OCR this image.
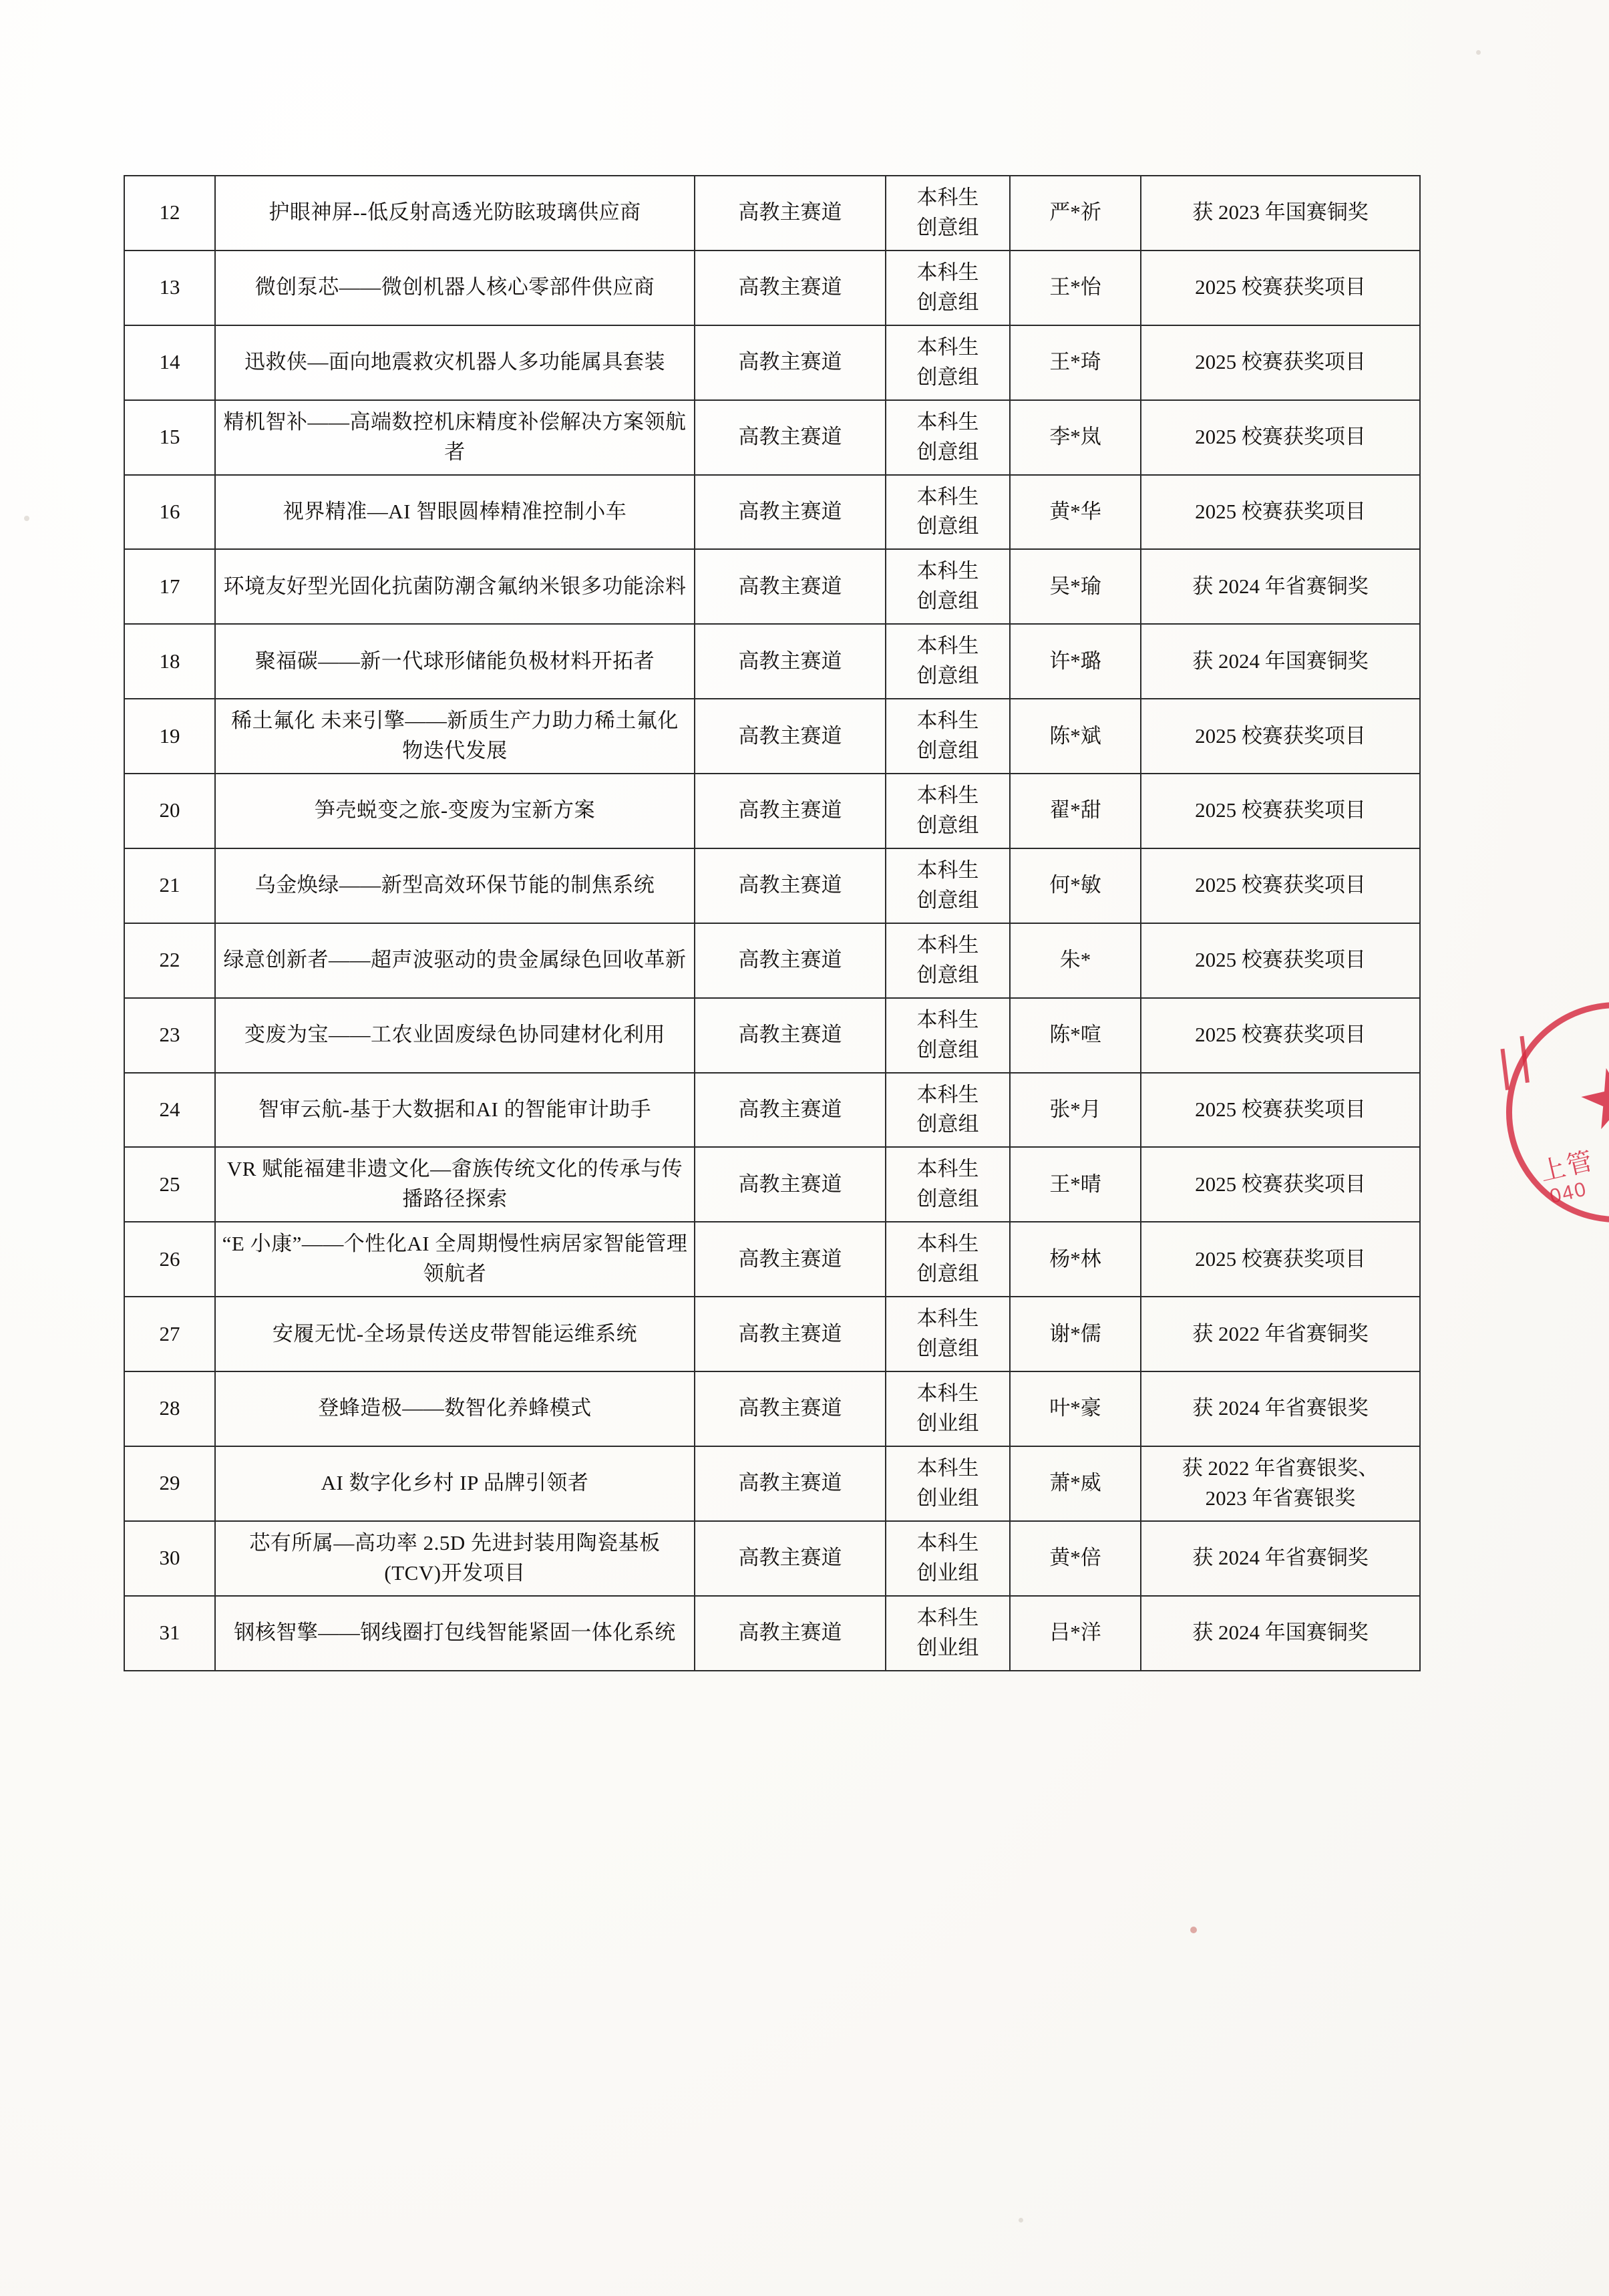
12	护眼神屏--低反射高透光防眩玻璃供应商	高教主赛道	本科生
创意组	严*祈	获 2023 年国赛铜奖

13	微创泵芯——微创机器人核心零部件供应商	高教主赛道	本科生
创意组	王*怡	2025 校赛获奖项目

14	迅救侠—面向地震救灾机器人多功能属具套装	高教主赛道	本科生
创意组	王*琦	2025 校赛获奖项目

15	精机智补——高端数控机床精度补偿解决方案领航者	高教主赛道	本科生
创意组	李*岚	2025 校赛获奖项目

16	视界精准—AI 智眼圆棒精准控制小车	高教主赛道	本科生
创意组	黄*华	2025 校赛获奖项目

17	环境友好型光固化抗菌防潮含氟纳米银多功能涂料	高教主赛道	本科生
创意组	吴*瑜	获 2024 年省赛铜奖

18	聚福碳——新一代球形储能负极材料开拓者	高教主赛道	本科生
创意组	许*璐	获 2024 年国赛铜奖

19	稀土氟化 未来引擎——新质生产力助力稀土氟化物迭代发展	高教主赛道	本科生
创意组	陈*斌	2025 校赛获奖项目

20	笋壳蜕变之旅-变废为宝新方案	高教主赛道	本科生
创意组	翟*甜	2025 校赛获奖项目

21	乌金焕绿——新型高效环保节能的制焦系统	高教主赛道	本科生
创意组	何*敏	2025 校赛获奖项目

22	绿意创新者——超声波驱动的贵金属绿色回收革新	高教主赛道	本科生
创意组	朱*	2025 校赛获奖项目

23	变废为宝——工农业固废绿色协同建材化利用	高教主赛道	本科生
创意组	陈*喧	2025 校赛获奖项目

24	智审云航-基于大数据和AI 的智能审计助手	高教主赛道	本科生
创意组	张*月	2025 校赛获奖项目

25	VR 赋能福建非遗文化—畲族传统文化的传承与传播路径探索	高教主赛道	本科生
创意组	王*晴	2025 校赛获奖项目

26	“E 小康”——个性化AI 全周期慢性病居家智能管理领航者	高教主赛道	本科生
创意组	杨*林	2025 校赛获奖项目

27	安履无忧-全场景传送皮带智能运维系统	高教主赛道	本科生
创意组	谢*儒	获 2022 年省赛铜奖

28	登蜂造极——数智化养蜂模式	高教主赛道	本科生
创业组	叶*豪	获 2024 年省赛银奖

29	AI 数字化乡村 IP 品牌引领者	高教主赛道	本科生
创业组	萧*威	获 2022 年省赛银奖、
2023 年省赛银奖

30	芯有所属—高功率 2.5D 先进封装用陶瓷基板(TCV)开发项目	高教主赛道	本科生
创业组	黄*倍	获 2024 年省赛铜奖

31	钢核智擎——钢线圈打包线智能紧固一体化系统	高教主赛道	本科生
创业组	吕*洋	获 2024 年国赛铜奖
上管
040
